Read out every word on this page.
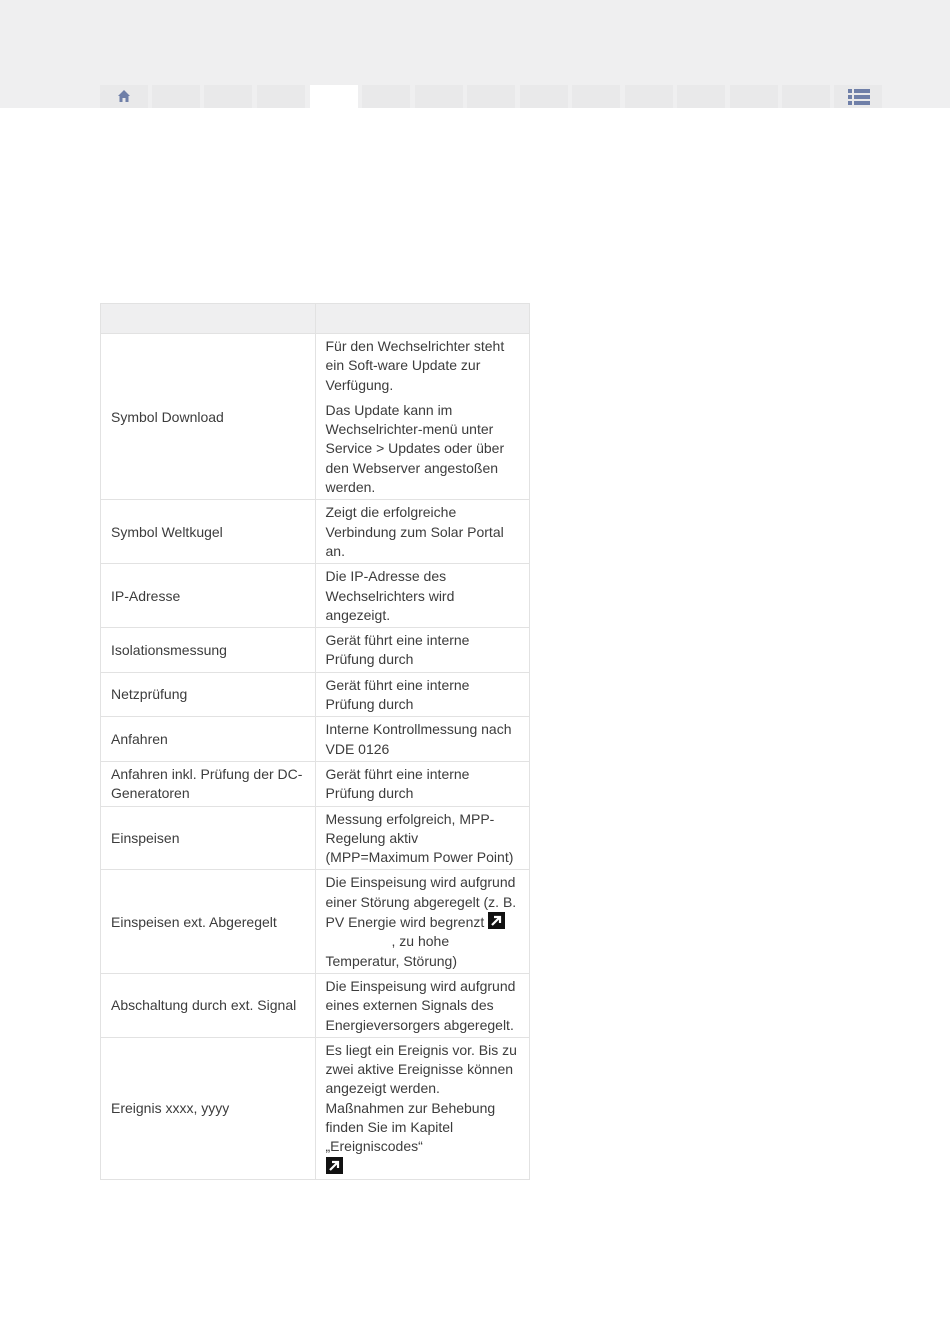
Symbol Download	Für den Wechselrichter steht ein Soft-ware Update zur Verfügung.

Das Update kann im Wechselrichter-menü unter Service > Updates oder über den Webserver angestoßen werden.

Symbol Weltkugel	Zeigt die erfolgreiche Verbindung zum Solar Portal an.
IP-Adresse	Die IP-Adresse des Wechselrichters wird angezeigt.
Isolationsmessung	Gerät führt eine interne Prüfung durch
Netzprüfung	Gerät führt eine interne Prüfung durch
Anfahren	Interne Kontrollmessung nach VDE 0126
Anfahren inkl. Prüfung der DC-Generatoren	Gerät führt eine interne Prüfung durch
Einspeisen	Messung erfolgreich, MPP-Regelung aktiv (MPP=Maximum Power Point)
Einspeisen ext. Abgeregelt	Die Einspeisung wird aufgrund einer Störung abgeregelt (z. B. PV Energie wird begrenzt
, zu hohe Temperatur, Störung)
Abschaltung durch ext. Signal	Die Einspeisung wird aufgrund eines externen Signals des Energieversorgers abgeregelt.
Ereignis xxxx, yyyy	Es liegt ein Ereignis vor. Bis zu zwei aktive Ereignisse können angezeigt werden. Maßnahmen zur Behebung finden Sie im Kapitel „Ereigniscodes“
